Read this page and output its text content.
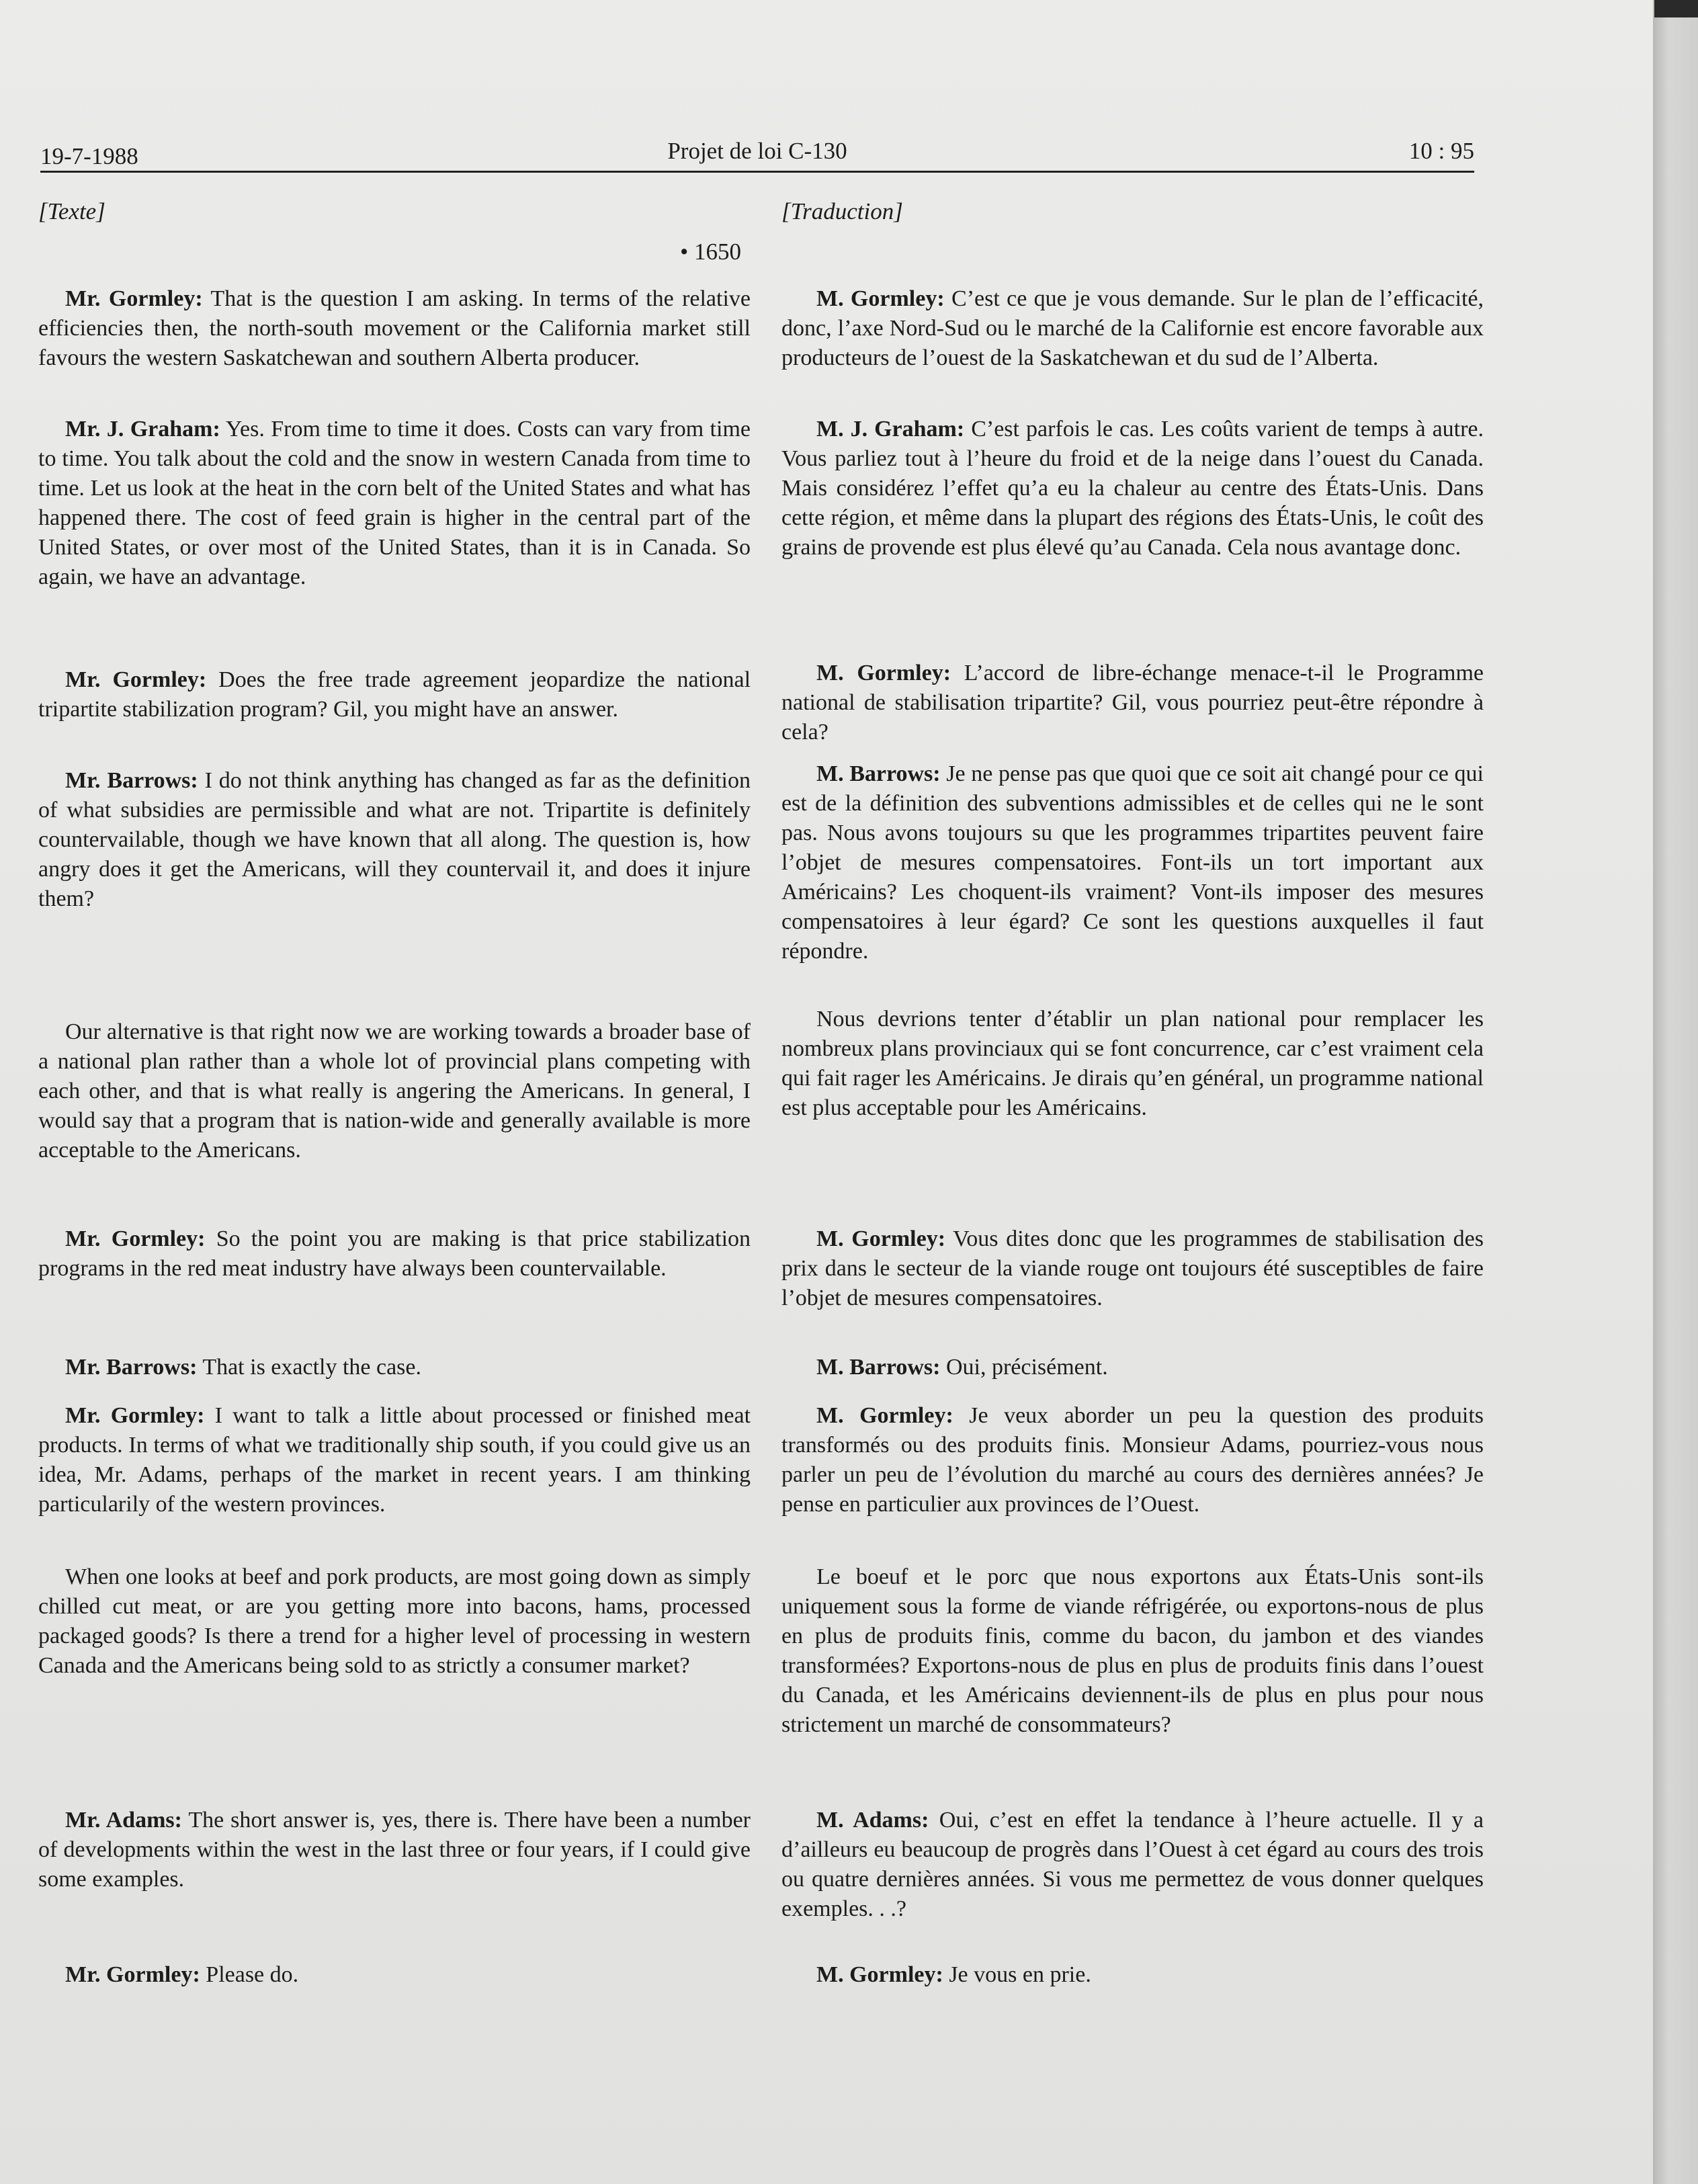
19-7-1988	Projet de loi C-130	10 : 95
[Texte]
• 1650

Mr. Gormley: That is the question I am asking. In terms of the relative efficiencies then, the north-south movement or the California market still favours the western Saskatchewan and southern Alberta producer.

Mr. J. Graham: Yes. From time to time it does. Costs can vary from time to time. You talk about the cold and the snow in western Canada from time to time. Let us look at the heat in the corn belt of the United States and what has happened there. The cost of feed grain is higher in the central part of the United States, or over most of the United States, than it is in Canada. So again, we have an advantage.

Mr. Gormley: Does the free trade agreement jeopardize the national tripartite stabilization program? Gil, you might have an answer.

Mr. Barrows: I do not think anything has changed as far as the definition of what subsidies are permissible and what are not. Tripartite is definitely countervailable, though we have known that all along. The question is, how angry does it get the Americans, will they countervail it, and does it injure them?

Our alternative is that right now we are working towards a broader base of a national plan rather than a whole lot of provincial plans competing with each other, and that is what really is angering the Americans. In general, I would say that a program that is nation-wide and generally available is more acceptable to the Americans.

Mr. Gormley: So the point you are making is that price stabilization programs in the red meat industry have always been countervailable.

Mr. Barrows: That is exactly the case.

Mr. Gormley: I want to talk a little about processed or finished meat products. In terms of what we traditionally ship south, if you could give us an idea, Mr. Adams, perhaps of the market in recent years. I am thinking particularily of the western provinces.

When one looks at beef and pork products, are most going down as simply chilled cut meat, or are you getting more into bacons, hams, processed packaged goods? Is there a trend for a higher level of processing in western Canada and the Americans being sold to as strictly a consumer market?

Mr. Adams: The short answer is, yes, there is. There have been a number of developments within the west in the last three or four years, if I could give some examples.

Mr. Gormley: Please do.

[Traduction]

M. Gormley: C’est ce que je vous demande. Sur le plan de l’efficacité, donc, l’axe Nord-Sud ou le marché de la Californie est encore favorable aux producteurs de l’ouest de la Saskatchewan et du sud de l’Alberta.

M. J. Graham: C’est parfois le cas. Les coûts varient de temps à autre. Vous parliez tout à l’heure du froid et de la neige dans l’ouest du Canada. Mais considérez l’effet qu’a eu la chaleur au centre des États-Unis. Dans cette région, et même dans la plupart des régions des États-Unis, le coût des grains de provende est plus élevé qu’au Canada. Cela nous avantage donc.

M. Gormley: L’accord de libre-échange menace-t-il le Programme national de stabilisation tripartite? Gil, vous pourriez peut-être répondre à cela?

M. Barrows: Je ne pense pas que quoi que ce soit ait changé pour ce qui est de la définition des subventions admissibles et de celles qui ne le sont pas. Nous avons toujours su que les programmes tripartites peuvent faire l’objet de mesures compensatoires. Font-ils un tort important aux Américains? Les choquent-ils vraiment? Vont-ils imposer des mesures compensatoires à leur égard? Ce sont les questions auxquelles il faut répondre.

Nous devrions tenter d’établir un plan national pour remplacer les nombreux plans provinciaux qui se font concurrence, car c’est vraiment cela qui fait rager les Américains. Je dirais qu’en général, un programme national est plus acceptable pour les Américains.

M. Gormley: Vous dites donc que les programmes de stabilisation des prix dans le secteur de la viande rouge ont toujours été susceptibles de faire l’objet de mesures compensatoires.

M. Barrows: Oui, précisément.

M. Gormley: Je veux aborder un peu la question des produits transformés ou des produits finis. Monsieur Adams, pourriez-vous nous parler un peu de l’évolution du marché au cours des dernières années? Je pense en particulier aux provinces de l’Ouest.

Le boeuf et le porc que nous exportons aux États-Unis sont-ils uniquement sous la forme de viande réfrigérée, ou exportons-nous de plus en plus de produits finis, comme du bacon, du jambon et des viandes transformées? Exportons-nous de plus en plus de produits finis dans l’ouest du Canada, et les Américains deviennent-ils de plus en plus pour nous strictement un marché de consommateurs?

M. Adams: Oui, c’est en effet la tendance à l’heure actuelle. Il y a d’ailleurs eu beaucoup de progrès dans l’Ouest à cet égard au cours des trois ou quatre dernières années. Si vous me permettez de vous donner quelques exemples. . .?

M. Gormley: Je vous en prie.
